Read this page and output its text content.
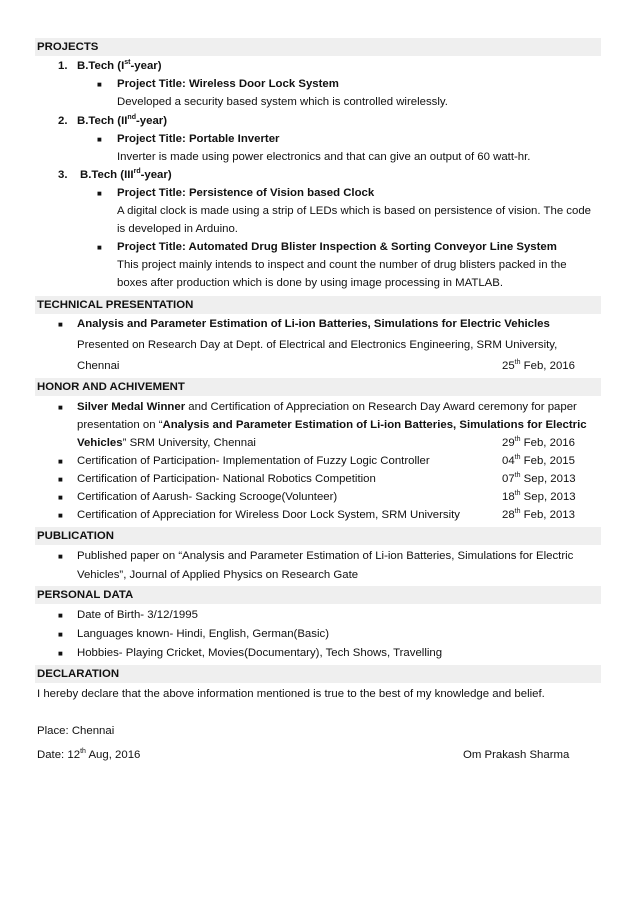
PROJECTS
1. B.Tech (Ist-year)
■ Project Title: Wireless Door Lock System
Developed a security based system which is controlled wirelessly.
2. B.Tech (IInd-year)
■ Project Title: Portable Inverter
Inverter is made using power electronics and that can give an output of 60 watt-hr.
3. B.Tech (IIIrd-year)
■ Project Title: Persistence of Vision based Clock
A digital clock is made using a strip of LEDs which is based on persistence of vision. The code
is developed in Arduino.
■ Project Title: Automated Drug Blister Inspection & Sorting Conveyor Line System
This project mainly intends to inspect and count the number of drug blisters packed in the
boxes after production which is done by using image processing in MATLAB.
TECHNICAL PRESENTATION
■ Analysis and Parameter Estimation of Li-ion Batteries, Simulations for Electric Vehicles
Presented on Research Day at Dept. of Electrical and Electronics Engineering, SRM University,
Chennai	25th Feb, 2016
HONOR AND ACHIVEMENT
■ Silver Medal Winner and Certification of Appreciation on Research Day Award ceremony for paper
presentation on “Analysis and Parameter Estimation of Li-ion Batteries, Simulations for Electric
Vehicles” SRM University, Chennai	29th Feb, 2016
■ Certification of Participation- Implementation of Fuzzy Logic Controller	04th Feb, 2015
■ Certification of Participation- National Robotics Competition	07th Sep, 2013
■ Certification of Aarush- Sacking Scrooge(Volunteer)	18th Sep, 2013
■ Certification of Appreciation for Wireless Door Lock System, SRM University	28th Feb, 2013
PUBLICATION
■ Published paper on “Analysis and Parameter Estimation of Li-ion Batteries, Simulations for Electric
Vehicles”, Journal of Applied Physics on Research Gate
PERSONAL DATA
■ Date of Birth- 3/12/1995
■ Languages known- Hindi, English, German(Basic)
■ Hobbies- Playing Cricket, Movies(Documentary), Tech Shows, Travelling
DECLARATION
I hereby declare that the above information mentioned is true to the best of my knowledge and belief.
Place: Chennai
Date: 12th Aug, 2016	Om Prakash Sharma
